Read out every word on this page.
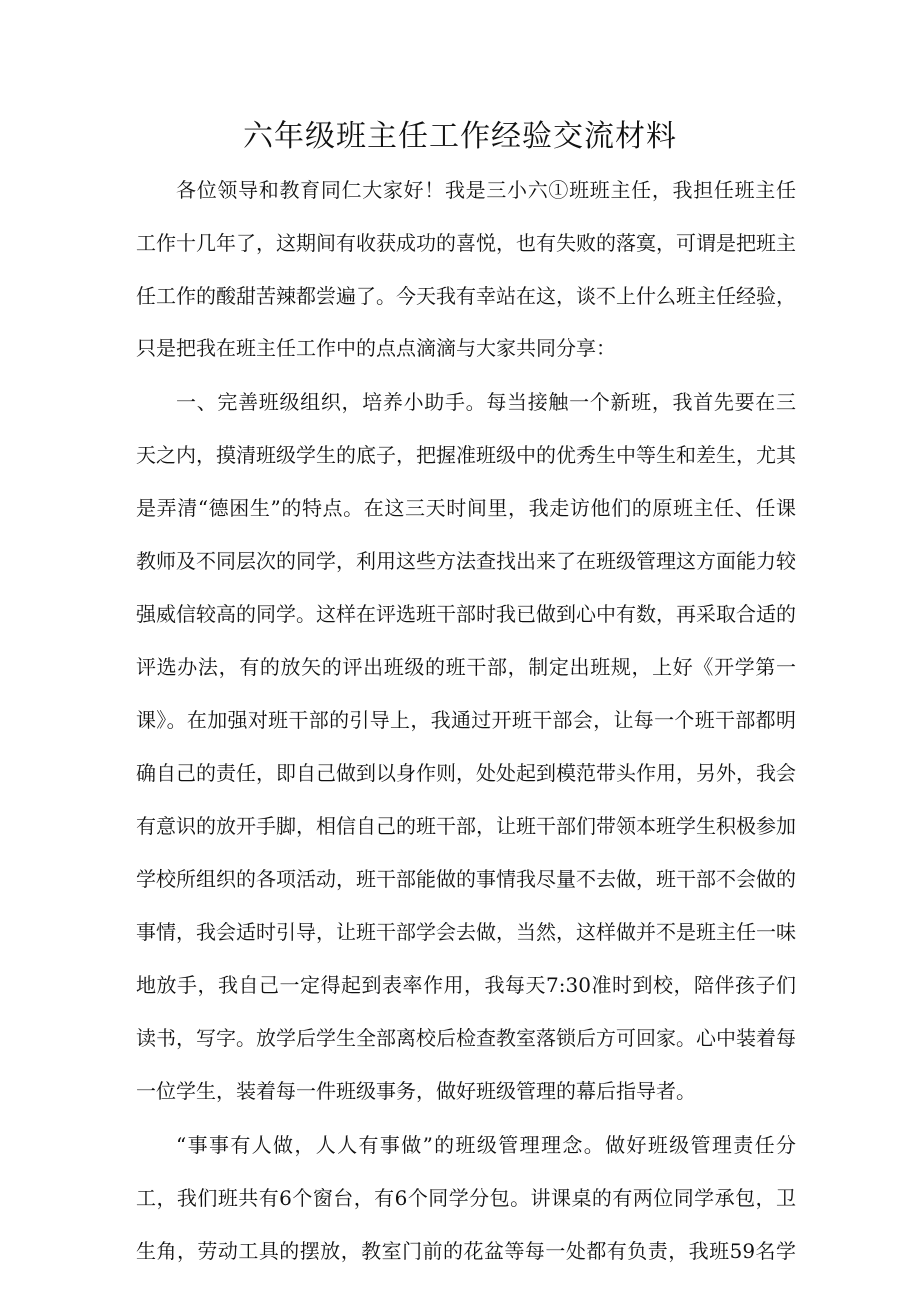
六年级班主任工作经验交流材料
各位领导和教育同仁大家好！我是三小六①班班主任，我担任班主任
工作十几年了，这期间有收获成功的喜悦，也有失败的落寞，可谓是把班主
任工作的酸甜苦辣都尝遍了。今天我有幸站在这，谈不上什么班主任经验，
只是把我在班主任工作中的点点滴滴与大家共同分享：
一、完善班级组织，培养小助手。每当接触一个新班，我首先要在三
天之内，摸清班级学生的底子，把握准班级中的优秀生中等生和差生，尤其
是弄清“德困生”的特点。在这三天时间里，我走访他们的原班主任、任课
教师及不同层次的同学，利用这些方法查找出来了在班级管理这方面能力较
强威信较高的同学。这样在评选班干部时我已做到心中有数，再采取合适的
评选办法，有的放矢的评出班级的班干部，制定出班规，上好《开学第一
课》。在加强对班干部的引导上，我通过开班干部会，让每一个班干部都明
确自己的责任，即自己做到以身作则，处处起到模范带头作用，另外，我会
有意识的放开手脚，相信自己的班干部，让班干部们带领本班学生积极参加
学校所组织的各项活动，班干部能做的事情我尽量不去做，班干部不会做的
事情，我会适时引导，让班干部学会去做，当然，这样做并不是班主任一味
地放手，我自己一定得起到表率作用，我每天7:30准时到校，陪伴孩子们
读书，写字。放学后学生全部离校后检查教室落锁后方可回家。心中装着每
一位学生，装着每一件班级事务，做好班级管理的幕后指导者。
“事事有人做，人人有事做”的班级管理理念。做好班级管理责任分
工，我们班共有6个窗台，有6个同学分包。讲课桌的有两位同学承包，卫
生角，劳动工具的摆放，教室门前的花盆等每一处都有负责，我班59名学
